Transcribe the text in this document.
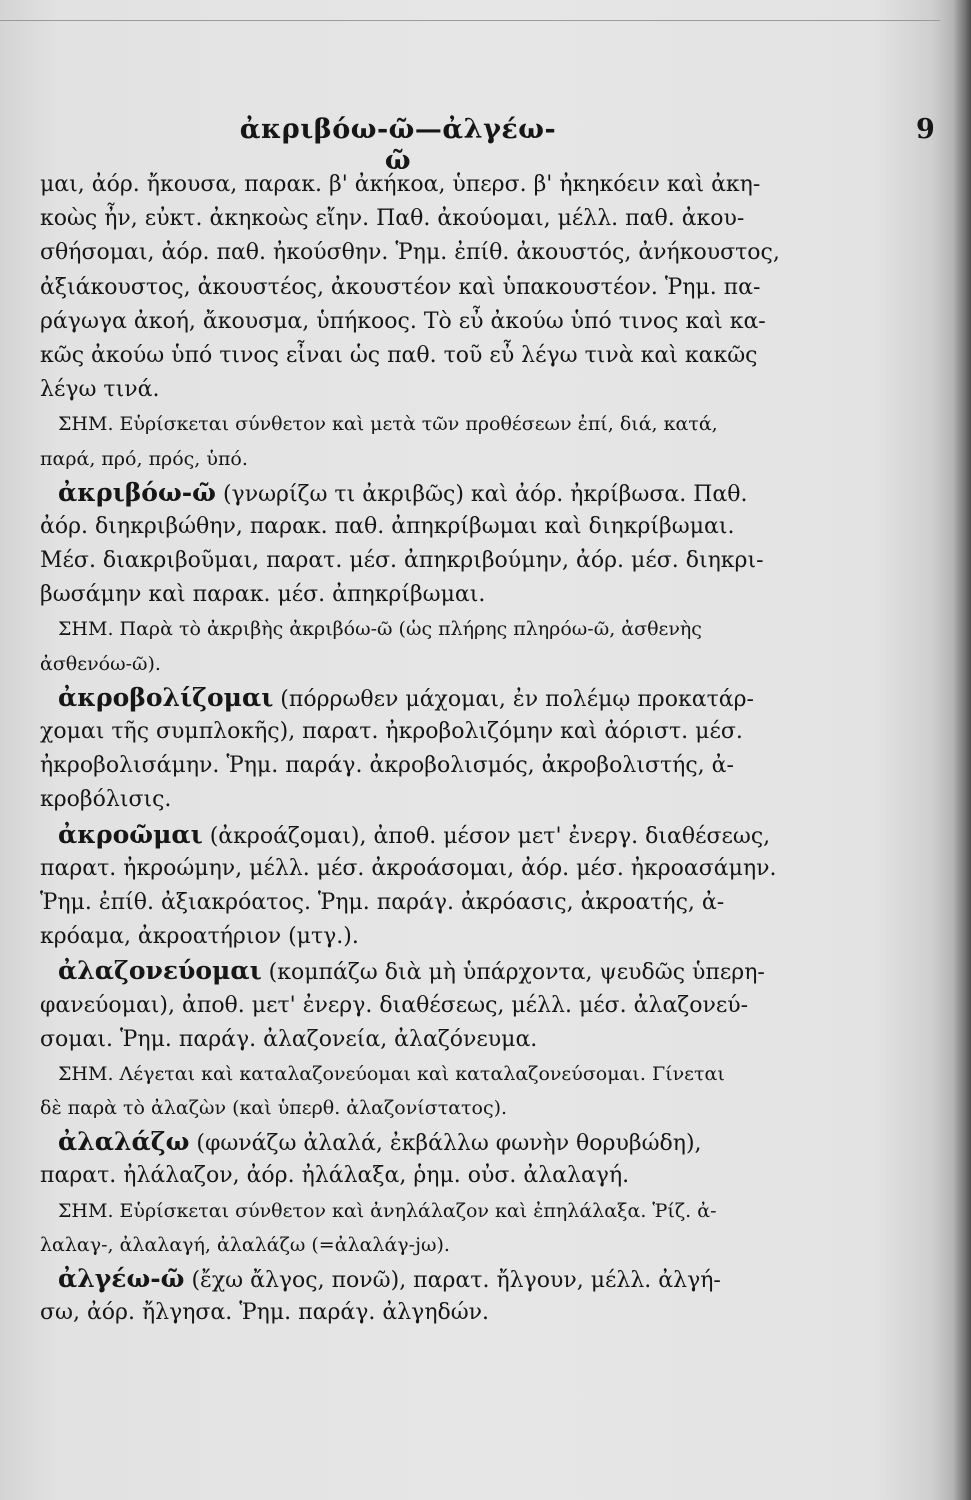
ἀκριβόω-ῶ—ἀλγέω-ῶ
9
μαι, ἀόρ. ἤκουσα, παρακ. β' ἀκήκοα, ὑπερσ. β' ἠκηκόειν καὶ ἀκη-
κοὼς ἦν, εὐκτ. ἀκηκοὼς εἴην. Παθ. ἀκούομαι, μέλλ. παθ. ἀκου-
σθήσομαι, ἀόρ. παθ. ἠκούσθην. Ῥημ. ἐπίθ. ἀκουστός, ἀνήκουστος,
ἀξιάκουστος, ἀκουστέος, ἀκουστέον καὶ ὑπακουστέον. Ῥημ. πα-
ράγωγα ἀκοή, ἄκουσμα, ὑπήκοος. Τὸ εὖ ἀκούω ὑπό τινος καὶ κα-
κῶς ἀκούω ὑπό τινος εἶναι ὡς παθ. τοῦ εὖ λέγω τινὰ καὶ κακῶς
λέγω τινά.
ΣΗΜ. Εὑρίσκεται σύνθετον καὶ μετὰ τῶν προθέσεων ἐπί, διά, κατά,
παρά, πρό, πρός, ὑπό.
ἀκριβόω-ῶ (γνωρίζω τι ἀκριβῶς) καὶ ἀόρ. ἠκρίβωσα. Παθ.
ἀόρ. διηκριβώθην, παρακ. παθ. ἀπηκρίβωμαι καὶ διηκρίβωμαι.
Μέσ. διακριβοῦμαι, παρατ. μέσ. ἀπηκριβούμην, ἀόρ. μέσ. διηκρι-
βωσάμην καὶ παρακ. μέσ. ἀπηκρίβωμαι.
ΣΗΜ. Παρὰ τὸ ἀκριβὴς ἀκριβόω-ῶ (ὡς πλήρης πληρόω-ῶ, ἀσθενὴς
ἀσθενόω-ῶ).
ἀκροβολίζομαι (πόρρωθεν μάχομαι, ἐν πολέμῳ προκατάρ-
χομαι τῆς συμπλοκῆς), παρατ. ἠκροβολιζόμην καὶ ἀόριστ. μέσ.
ἠκροβολισάμην. Ῥημ. παράγ. ἀκροβολισμός, ἀκροβολιστής, ἀ-
κροβόλισις.
ἀκροῶμαι (ἀκροάζομαι), ἀποθ. μέσον μετ' ἐνεργ. διαθέσεως,
παρατ. ἠκροώμην, μέλλ. μέσ. ἀκροάσομαι, ἀόρ. μέσ. ἠκροασάμην.
Ῥημ. ἐπίθ. ἀξιακρόατος. Ῥημ. παράγ. ἀκρόασις, ἀκροατής, ἀ-
κρόαμα, ἀκροατήριον (μτγ.).
ἀλαζονεύομαι (κομπάζω διὰ μὴ ὑπάρχοντα, ψευδῶς ὑπερη-
φανεύομαι), ἀποθ. μετ' ἐνεργ. διαθέσεως, μέλλ. μέσ. ἀλαζονεύ-
σομαι. Ῥημ. παράγ. ἀλαζονεία, ἀλαζόνευμα.
ΣΗΜ. Λέγεται καὶ καταλαζονεύομαι καὶ καταλαζονεύσομαι. Γίνεται
δὲ παρὰ τὸ ἀλαζὼν (καὶ ὑπερθ. ἀλαζονίστατος).
ἀλαλάζω (φωνάζω ἀλαλά, ἐκβάλλω φωνὴν θορυβώδη),
παρατ. ἠλάλαζον, ἀόρ. ἠλάλαξα, ῥημ. οὐσ. ἀλαλαγή.
ΣΗΜ. Εὑρίσκεται σύνθετον καὶ ἀνηλάλαζον καὶ ἐπηλάλαξα. Ῥίζ. ἀ-
λαλαγ-, ἀλαλαγή, ἀλαλάζω (=ἀλαλάγ-jω).
ἀλγέω-ῶ (ἔχω ἄλγος, πονῶ), παρατ. ἤλγουν, μέλλ. ἀλγή-
σω, ἀόρ. ἤλγησα. Ῥημ. παράγ. ἀλγηδών.
